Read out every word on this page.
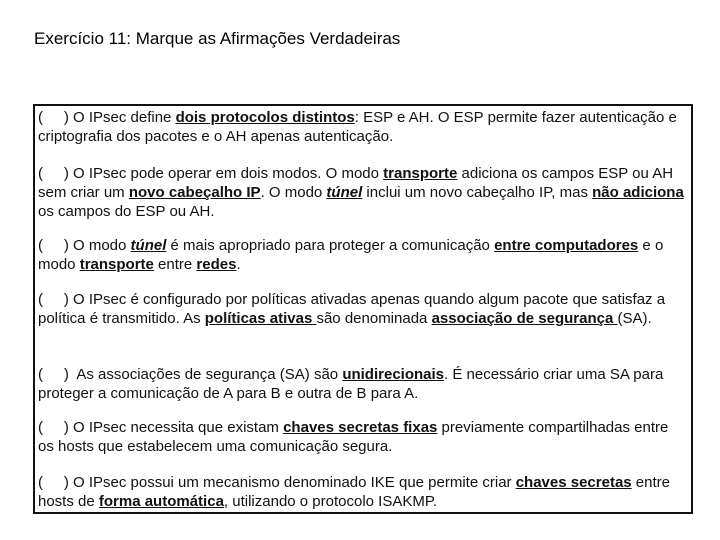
Exercício 11: Marque as Afirmações Verdadeiras
(     ) O IPsec define dois protocolos distintos: ESP e AH. O ESP permite fazer autenticação e criptografia dos pacotes e o AH apenas autenticação.
(     ) O IPsec pode operar em dois modos. O modo transporte adiciona os campos ESP ou AH sem criar um novo cabeçalho IP. O modo túnel inclui um novo cabeçalho IP, mas não adiciona os campos do ESP ou AH.
(     ) O modo túnel é mais apropriado para proteger a comunicação entre computadores e o modo transporte entre redes.
(     ) O IPsec é configurado por políticas ativadas apenas quando algum pacote que satisfaz a política é transmitido. As políticas ativas são denominada associação de segurança (SA).
(     )  As associações de segurança (SA) são unidirecionais. É necessário criar uma SA para proteger a comunicação de A para B e outra de B para A.
(     ) O IPsec necessita que existam chaves secretas fixas previamente compartilhadas entre os hosts que estabelecem uma comunicação segura.
(     ) O IPsec possui um mecanismo denominado IKE que permite criar chaves secretas entre hosts de forma automática, utilizando o protocolo ISAKMP.
